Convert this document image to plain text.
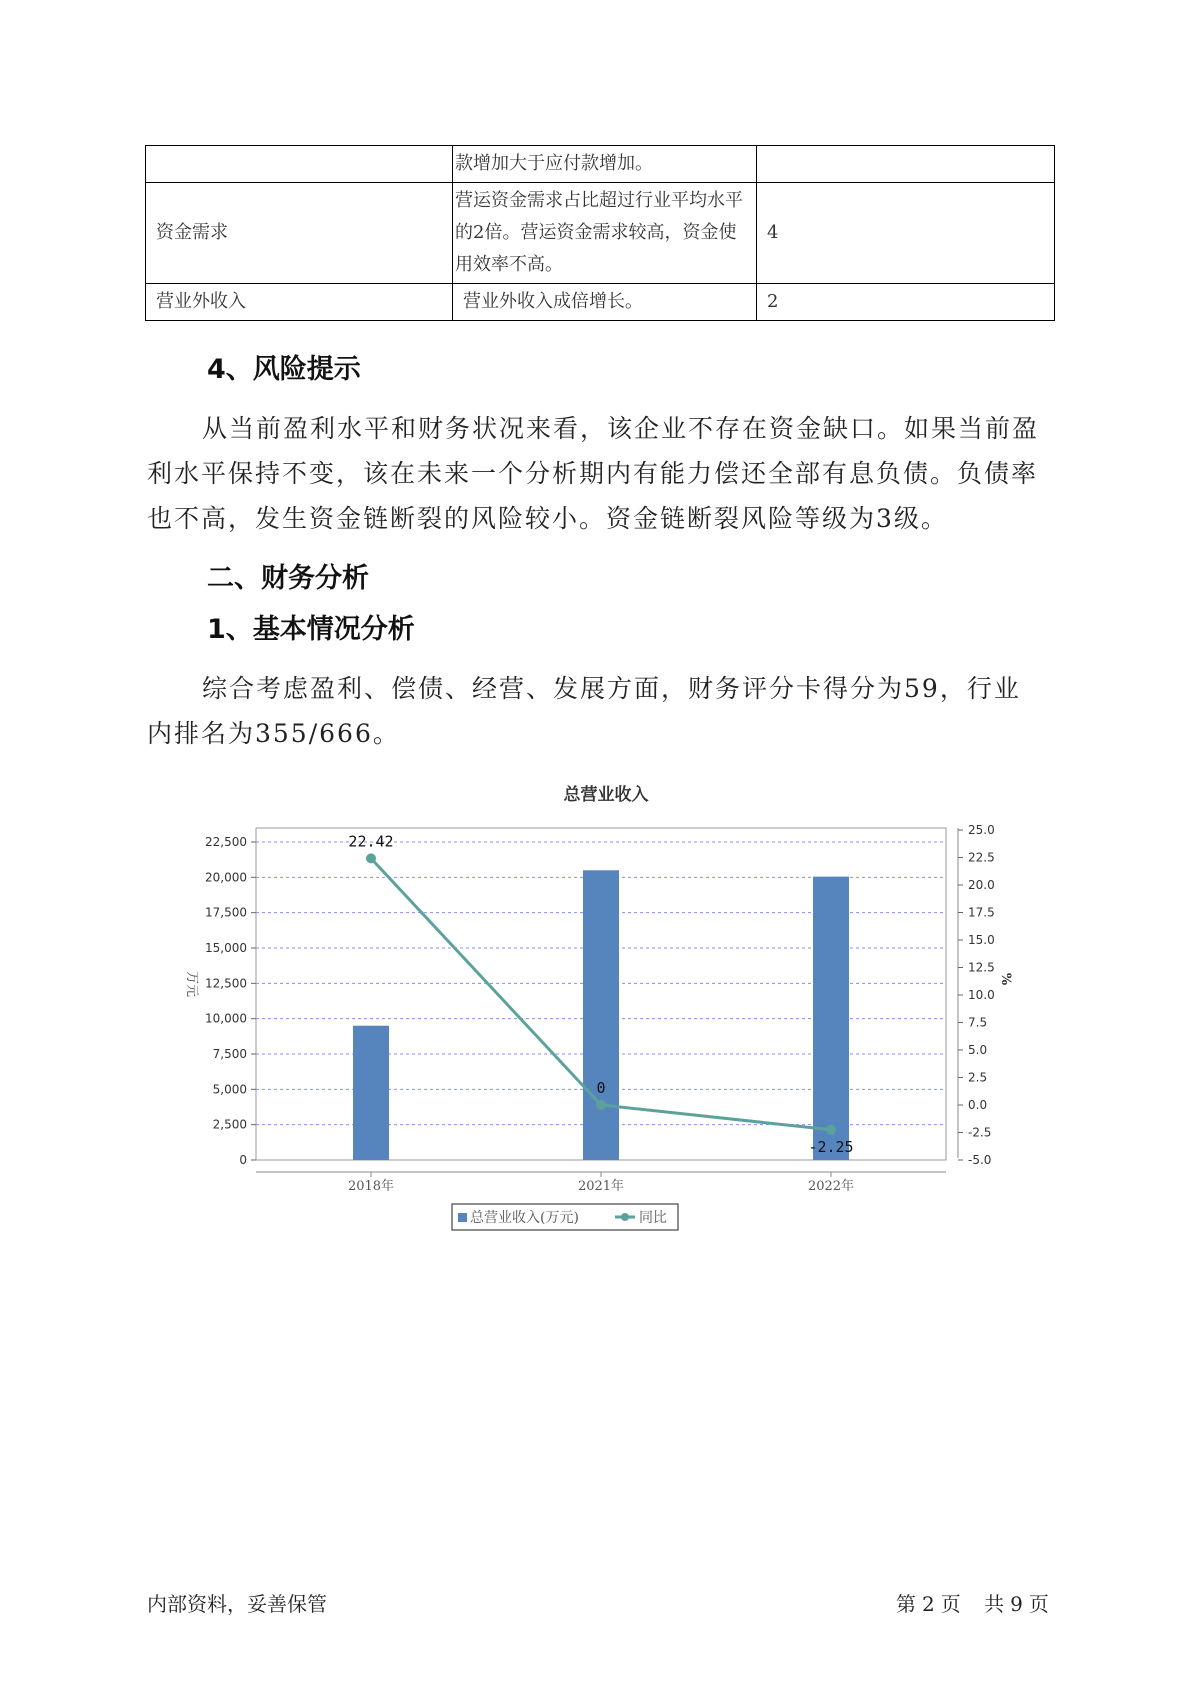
	款增加大于应付款增加。	
资金需求	营运资金需求占比超过行业平均水平的2倍。营运资金需求较高，资金使用效率不高。	4
营业外收入	营业外收入成倍增长。	2
4、风险提示
从当前盈利水平和财务状况来看，该企业不存在资金缺口。如果当前盈利水平保持不变，该在未来一个分析期内有能力偿还全部有息负债。负债率也不高，发生资金链断裂的风险较小。资金链断裂风险等级为3级。
二、财务分析
1、基本情况分析
综合考虑盈利、偿债、经营、发展方面，财务评分卡得分为59，行业内排名为355/666。
总营业收入
0
2,500
5,000
7,500
10,000
12,500
15,000
17,500
20,000
22,500
-5.0
-2.5
0.0
2.5
5.0
7.5
10.0
12.5
15.0
17.5
20.0
22.5
25.0
万元	%
2018年	2021年	2022年
22.42
0
-2.25
总营业收入(万元)	同比
内部资料，妥善保管	第 2 页 共 9 页
